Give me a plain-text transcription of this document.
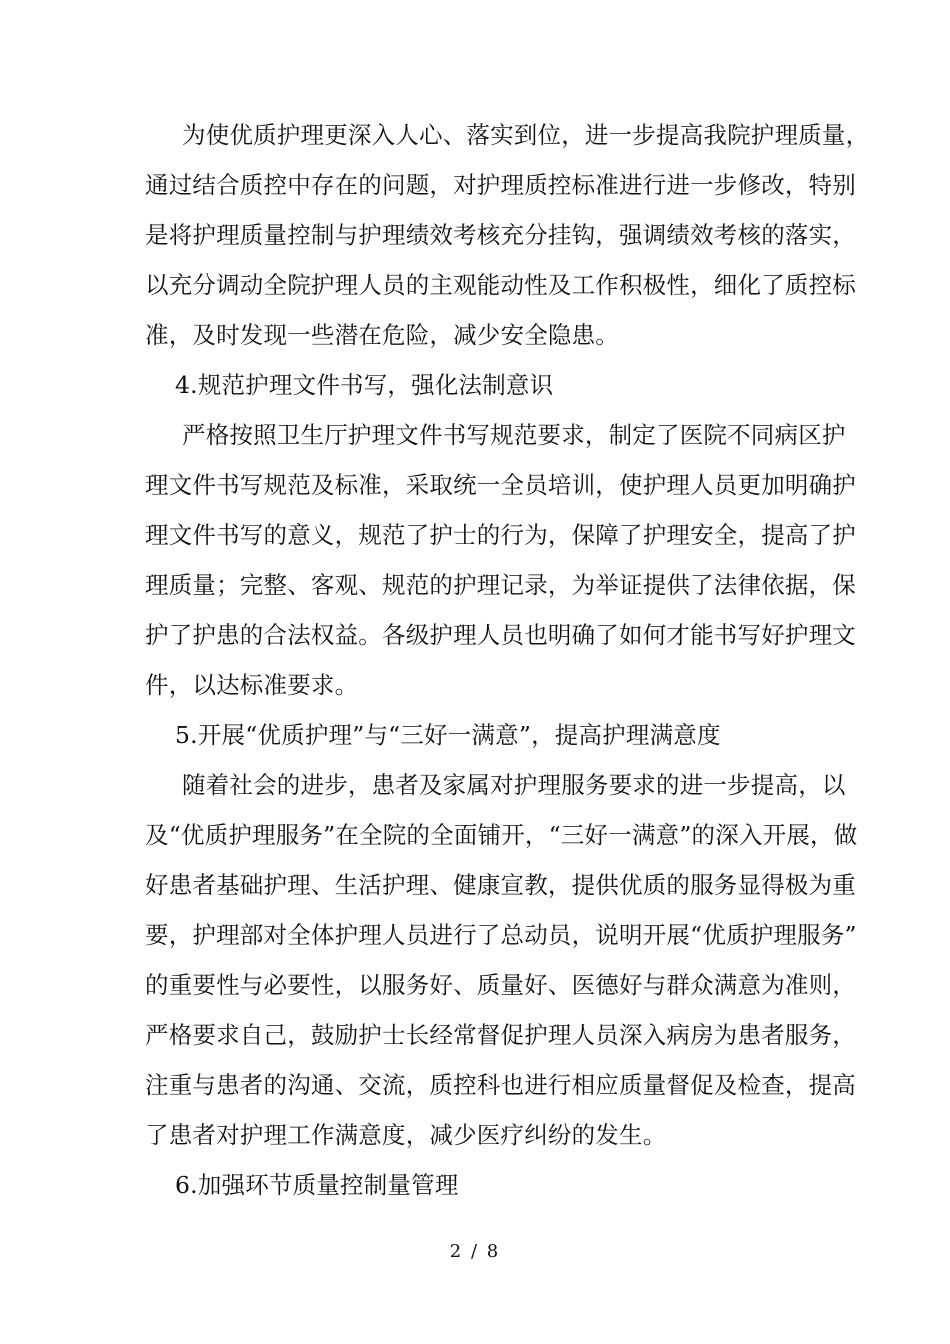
为使优质护理更深入人心、落实到位，进一步提高我院护理质量，
通过结合质控中存在的问题，对护理质控标准进行进一步修改，特别
是将护理质量控制与护理绩效考核充分挂钩，强调绩效考核的落实，
以充分调动全院护理人员的主观能动性及工作积极性，细化了质控标
准，及时发现一些潜在危险，减少安全隐患。
4.规范护理文件书写，强化法制意识
严格按照卫生厅护理文件书写规范要求，制定了医院不同病区护
理文件书写规范及标准，采取统一全员培训，使护理人员更加明确护
理文件书写的意义，规范了护士的行为，保障了护理安全，提高了护
理质量；完整、客观、规范的护理记录，为举证提供了法律依据，保
护了护患的合法权益。各级护理人员也明确了如何才能书写好护理文
件，以达标准要求。
5.开展“优质护理”与“三好一满意”，提高护理满意度
随着社会的进步，患者及家属对护理服务要求的进一步提高，以
及“优质护理服务”在全院的全面铺开，“三好一满意”的深入开展，做
好患者基础护理、生活护理、健康宣教，提供优质的服务显得极为重
要，护理部对全体护理人员进行了总动员，说明开展“优质护理服务”
的重要性与必要性，以服务好、质量好、医德好与群众满意为准则，
严格要求自己，鼓励护士长经常督促护理人员深入病房为患者服务，
注重与患者的沟通、交流，质控科也进行相应质量督促及检查，提高
了患者对护理工作满意度，减少医疗纠纷的发生。
6.加强环节质量控制量管理
2 / 8
